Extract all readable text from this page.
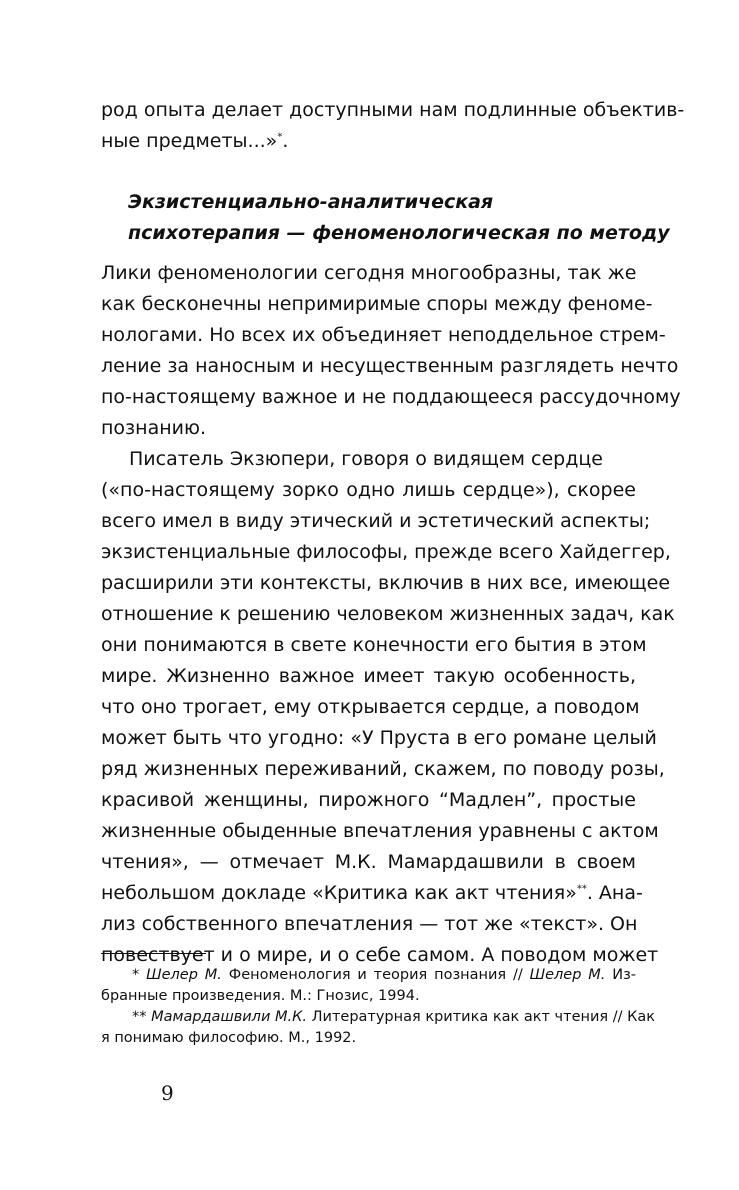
род опыта делает доступными нам подлинные объектив-
ные предметы...»*.
Экзистенциально-аналитическая
психотерапия — феноменологическая по методу
Лики феноменологии сегодня многообразны, так же
как бесконечны непримиримые споры между феноме-
нологами. Но всех их объединяет неподдельное стрем-
ление за наносным и несущественным разглядеть нечто
по-настоящему важное и не поддающееся рассудочному
познанию.
Писатель Экзюпери, говоря о видящем сердце
(«по-настоящему зорко одно лишь сердце»), скорее
всего имел в виду этический и эстетический аспекты;
экзистенциальные философы, прежде всего Хайдеггер,
расширили эти контексты, включив в них все, имеющее
отношение к решению человеком жизненных задач, как
они понимаются в свете конечности его бытия в этом
мире. Жизненно важное имеет такую особенность,
что оно трогает, ему открывается сердце, а поводом
может быть что угодно: «У Пруста в его романе целый
ряд жизненных переживаний, скажем, по поводу розы,
красивой женщины, пирожного “Мадлен”, простые
жизненные обыденные впечатления уравнены с актом
чтения», — отмечает М.К. Мамардашвили в своем
небольшом докладе «Критика как акт чтения»**. Ана-
лиз собственного впечатления — тот же «текст». Он
повествует и о мире, и о себе самом. А поводом может
* Шелер М. Феноменология и теория познания // Шелер М. Из-
бранные произведения. М.: Гнозис, 1994.
** Мамардашвили М.К. Литературная критика как акт чтения // Как
я понимаю философию. М., 1992.
9
